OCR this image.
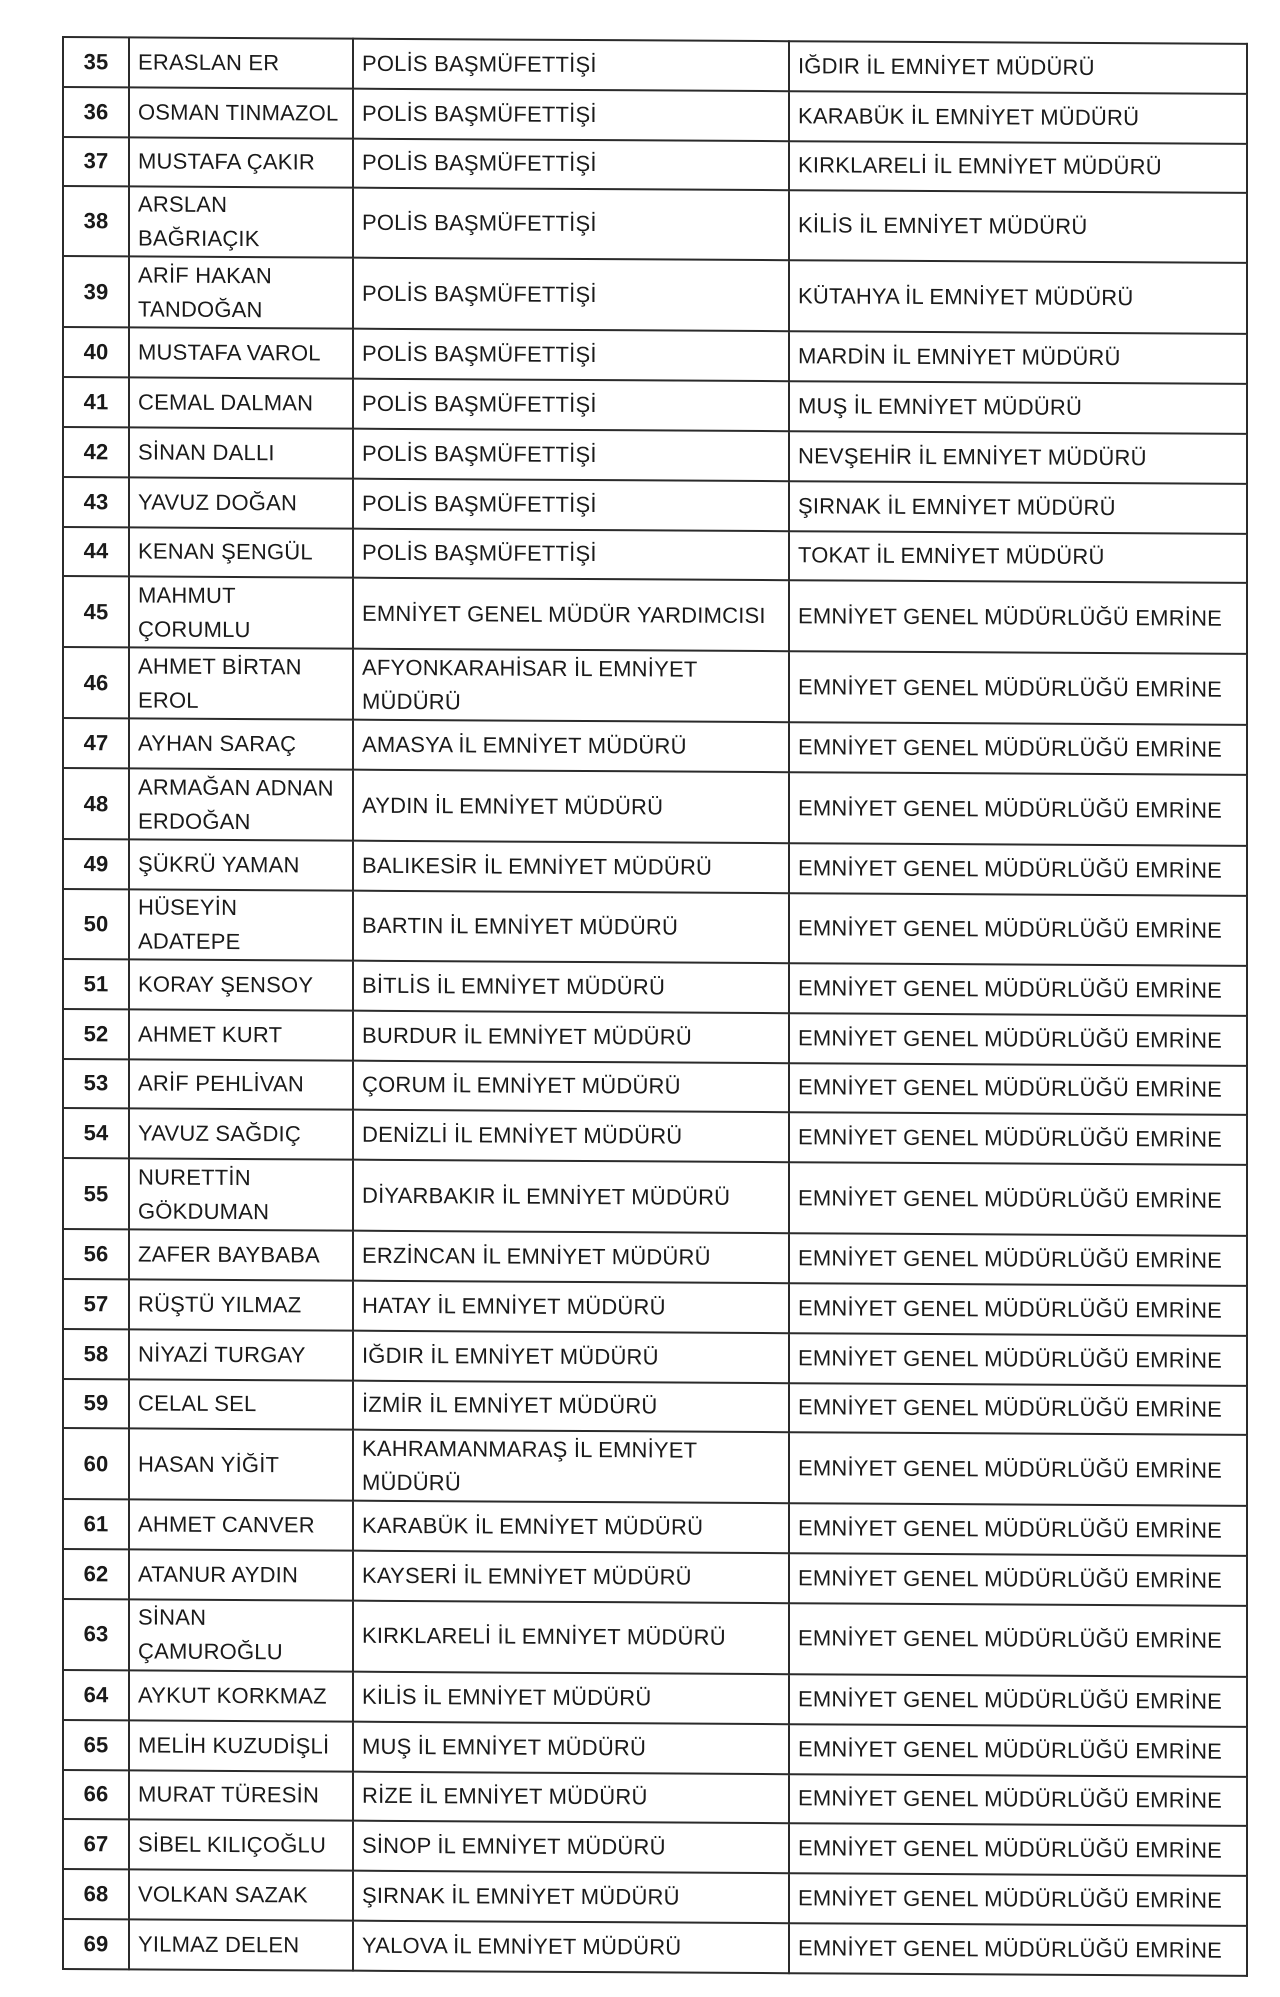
35	ERASLAN ER	POLİS BAŞMÜFETTİŞİ	IĞDIR İL EMNİYET MÜDÜRÜ
36	OSMAN TINMAZOL	POLİS BAŞMÜFETTİŞİ	KARABÜK İL EMNİYET MÜDÜRÜ
37	MUSTAFA ÇAKIR	POLİS BAŞMÜFETTİŞİ	KIRKLARELİ İL EMNİYET MÜDÜRÜ
38	ARSLAN BAĞRIAÇIK	POLİS BAŞMÜFETTİŞİ	KİLİS İL EMNİYET MÜDÜRÜ
39	ARİF HAKAN TANDOĞAN	POLİS BAŞMÜFETTİŞİ	KÜTAHYA İL EMNİYET MÜDÜRÜ
40	MUSTAFA VAROL	POLİS BAŞMÜFETTİŞİ	MARDİN İL EMNİYET MÜDÜRÜ
41	CEMAL DALMAN	POLİS BAŞMÜFETTİŞİ	MUŞ İL EMNİYET MÜDÜRÜ
42	SİNAN DALLI	POLİS BAŞMÜFETTİŞİ	NEVŞEHİR İL EMNİYET MÜDÜRÜ
43	YAVUZ DOĞAN	POLİS BAŞMÜFETTİŞİ	ŞIRNAK İL EMNİYET MÜDÜRÜ
44	KENAN ŞENGÜL	POLİS BAŞMÜFETTİŞİ	TOKAT İL EMNİYET MÜDÜRÜ
45	MAHMUT ÇORUMLU	EMNİYET GENEL MÜDÜR YARDIMCISI	EMNİYET GENEL MÜDÜRLÜĞÜ EMRİNE
46	AHMET BİRTAN EROL	AFYONKARAHİSAR İL EMNİYET MÜDÜRÜ	EMNİYET GENEL MÜDÜRLÜĞÜ EMRİNE
47	AYHAN SARAÇ	AMASYA İL EMNİYET MÜDÜRÜ	EMNİYET GENEL MÜDÜRLÜĞÜ EMRİNE
48	ARMAĞAN ADNAN ERDOĞAN	AYDIN İL EMNİYET MÜDÜRÜ	EMNİYET GENEL MÜDÜRLÜĞÜ EMRİNE
49	ŞÜKRÜ YAMAN	BALIKESİR İL EMNİYET MÜDÜRÜ	EMNİYET GENEL MÜDÜRLÜĞÜ EMRİNE
50	HÜSEYİN ADATEPE	BARTIN İL EMNİYET MÜDÜRÜ	EMNİYET GENEL MÜDÜRLÜĞÜ EMRİNE
51	KORAY ŞENSOY	BİTLİS İL EMNİYET MÜDÜRÜ	EMNİYET GENEL MÜDÜRLÜĞÜ EMRİNE
52	AHMET KURT	BURDUR İL EMNİYET MÜDÜRÜ	EMNİYET GENEL MÜDÜRLÜĞÜ EMRİNE
53	ARİF PEHLİVAN	ÇORUM İL EMNİYET MÜDÜRÜ	EMNİYET GENEL MÜDÜRLÜĞÜ EMRİNE
54	YAVUZ SAĞDIÇ	DENİZLİ İL EMNİYET MÜDÜRÜ	EMNİYET GENEL MÜDÜRLÜĞÜ EMRİNE
55	NURETTİN GÖKDUMAN	DİYARBAKIR İL EMNİYET MÜDÜRÜ	EMNİYET GENEL MÜDÜRLÜĞÜ EMRİNE
56	ZAFER BAYBABA	ERZİNCAN İL EMNİYET MÜDÜRÜ	EMNİYET GENEL MÜDÜRLÜĞÜ EMRİNE
57	RÜŞTÜ YILMAZ	HATAY İL EMNİYET MÜDÜRÜ	EMNİYET GENEL MÜDÜRLÜĞÜ EMRİNE
58	NİYAZİ TURGAY	IĞDIR İL EMNİYET MÜDÜRÜ	EMNİYET GENEL MÜDÜRLÜĞÜ EMRİNE
59	CELAL SEL	İZMİR İL EMNİYET MÜDÜRÜ	EMNİYET GENEL MÜDÜRLÜĞÜ EMRİNE
60	HASAN YİĞİT	KAHRAMANMARAŞ İL EMNİYET MÜDÜRÜ	EMNİYET GENEL MÜDÜRLÜĞÜ EMRİNE
61	AHMET CANVER	KARABÜK İL EMNİYET MÜDÜRÜ	EMNİYET GENEL MÜDÜRLÜĞÜ EMRİNE
62	ATANUR AYDIN	KAYSERİ İL EMNİYET MÜDÜRÜ	EMNİYET GENEL MÜDÜRLÜĞÜ EMRİNE
63	SİNAN ÇAMUROĞLU	KIRKLARELİ İL EMNİYET MÜDÜRÜ	EMNİYET GENEL MÜDÜRLÜĞÜ EMRİNE
64	AYKUT KORKMAZ	KİLİS İL EMNİYET MÜDÜRÜ	EMNİYET GENEL MÜDÜRLÜĞÜ EMRİNE
65	MELİH KUZUDİŞLİ	MUŞ İL EMNİYET MÜDÜRÜ	EMNİYET GENEL MÜDÜRLÜĞÜ EMRİNE
66	MURAT TÜRESİN	RİZE İL EMNİYET MÜDÜRÜ	EMNİYET GENEL MÜDÜRLÜĞÜ EMRİNE
67	SİBEL KILIÇOĞLU	SİNOP İL EMNİYET MÜDÜRÜ	EMNİYET GENEL MÜDÜRLÜĞÜ EMRİNE
68	VOLKAN SAZAK	ŞIRNAK İL EMNİYET MÜDÜRÜ	EMNİYET GENEL MÜDÜRLÜĞÜ EMRİNE
69	YILMAZ DELEN	YALOVA İL EMNİYET MÜDÜRÜ	EMNİYET GENEL MÜDÜRLÜĞÜ EMRİNE
